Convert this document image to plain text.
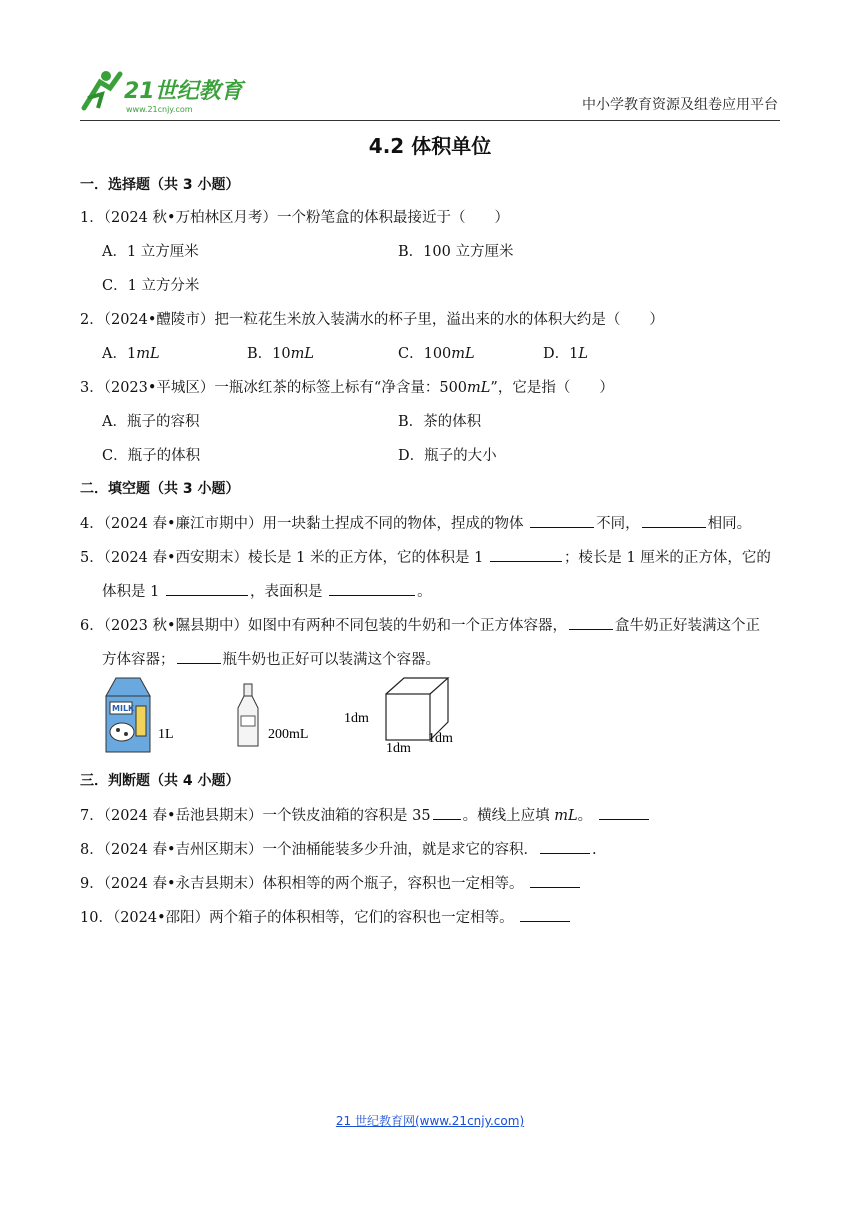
21世纪教育
www.21cnjy.com	中小学教育资源及组卷应用平台
4.2 体积单位
一．选择题（共 3 小题）
1．（2024 秋•万柏林区月考）一个粉笔盒的体积最接近于（　　）
A．1 立方厘米	B．100 立方厘米
C．1 立方分米
2．（2024•醴陵市）把一粒花生米放入装满水的杯子里，溢出来的水的体积大约是（　　）
A．1mL	B．10mL	C．100mL	D．1L
3．（2023•平城区）一瓶冰红茶的标签上标有“净含量：500mL”，它是指（　　）
A．瓶子的容积	B．茶的体积
C．瓶子的体积	D．瓶子的大小
二．填空题（共 3 小题）
4．（2024 春•廉江市期中）用一块黏土捏成不同的物体，捏成的物体	不同，	相同。
5．（2024 春•西安期末）棱长是 1 米的正方体，它的体积是 1	；棱长是 1 厘米的正方体，它的
体积是 1	，表面积是	。
6．（2023 秋•隰县期中）如图中有两种不同包装的牛奶和一个正方体容器，	盒牛奶正好装满这个正
方体容器；	瓶牛奶也正好可以装满这个容器。
MILK
1L	200mL
1dm
1dm
1dm
三．判断题（共 4 小题）
7．（2024 春•岳池县期末）一个铁皮油箱的容积是 35 。横线上应填 mL。
8．（2024 春•吉州区期末）一个油桶能装多少升油，就是求它的容积．	.
9．（2024 春•永吉县期末）体积相等的两个瓶子，容积也一定相等。
10．（2024•邵阳）两个箱子的体积相等，它们的容积也一定相等。
21 世纪教育网(www.21cnjy.com)
